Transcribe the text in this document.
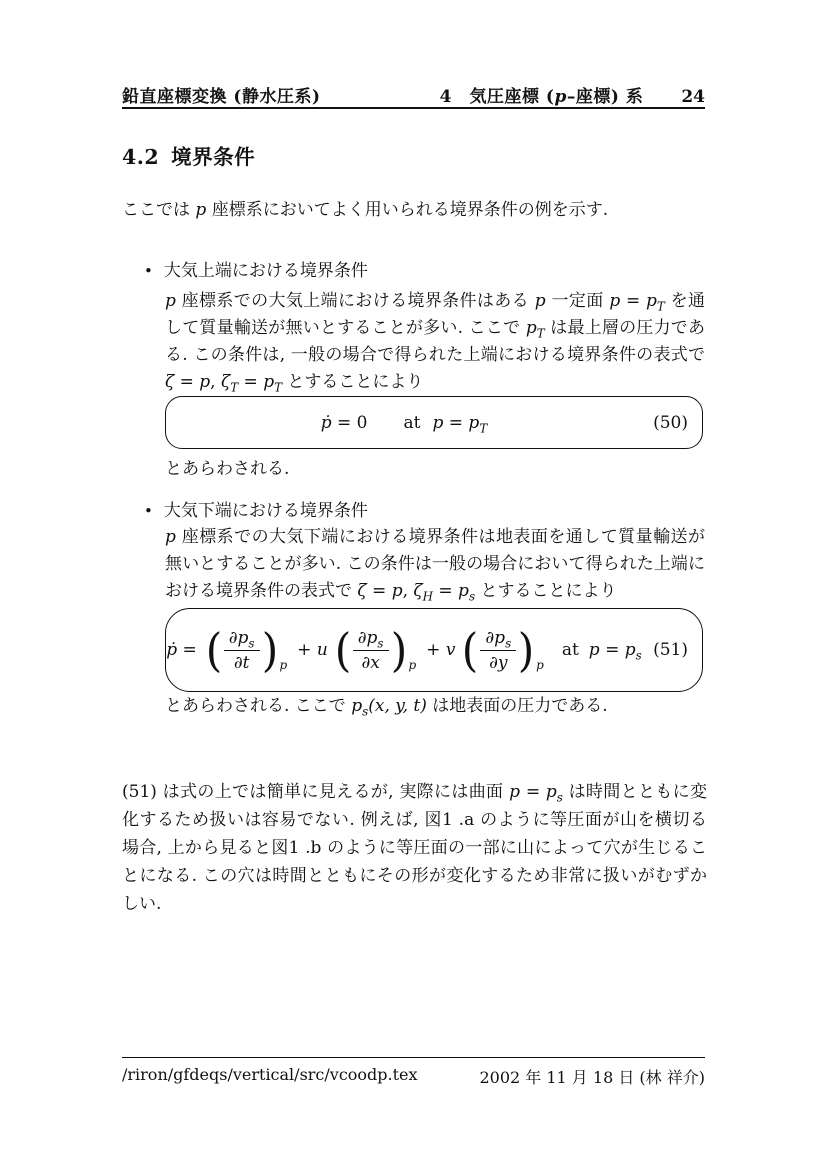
鉛直座標変換 (静水圧系)	4 気圧座標 (p–座標) 系 24
4.2 境界条件
ここでは p 座標系においてよく用いられる境界条件の例を示す.
• 大気上端における境界条件
p 座標系での大気上端における境界条件はある p 一定面 $p = p_T$ を通して質量輸送が無いとすることが多い. ここで $p_T$ は最上層の圧力である. この条件は, 一般の場合で得られた上端における境界条件の表式で ζ = p, $\zeta_T = p_T$ とすることにより
ṗ = 0 at $p = p_T$	(50)
とあらわされる.
• 大気下端における境界条件
p 座標系での大気下端における境界条件は地表面を通して質量輸送が無いとすることが多い. この条件は一般の場合において得られた上端における境界条件の表式で ζ = p, $\zeta_H = p_s$ とすることにより
ṗ = ( $\frac{\partial p_s}{\partial t}$ ) p
+ u ( $\frac{\partial p_s}{\partial x}$ ) p
+ v ( $\frac{\partial p_s}{\partial y}$ ) p
at $p = p_s$ (51)
とあらわされる. ここで $p_s(x$, y, t) は地表面の圧力である.
(51) は式の上では簡単に見えるが, 実際には曲面 $p = p_s$ は時間とともに変化するため扱いは容易でない. 例えば, 図1 .a のように等圧面が山を横切る場合, 上から見ると図1 .b のように等圧面の一部に山によって穴が生じることになる. この穴は時間とともにその形が変化するため非常に扱いがむずかしい.
/riron/gfdeqs/vertical/src/vcoodp.tex	2002 年 11 月 18 日 (林 祥介)
